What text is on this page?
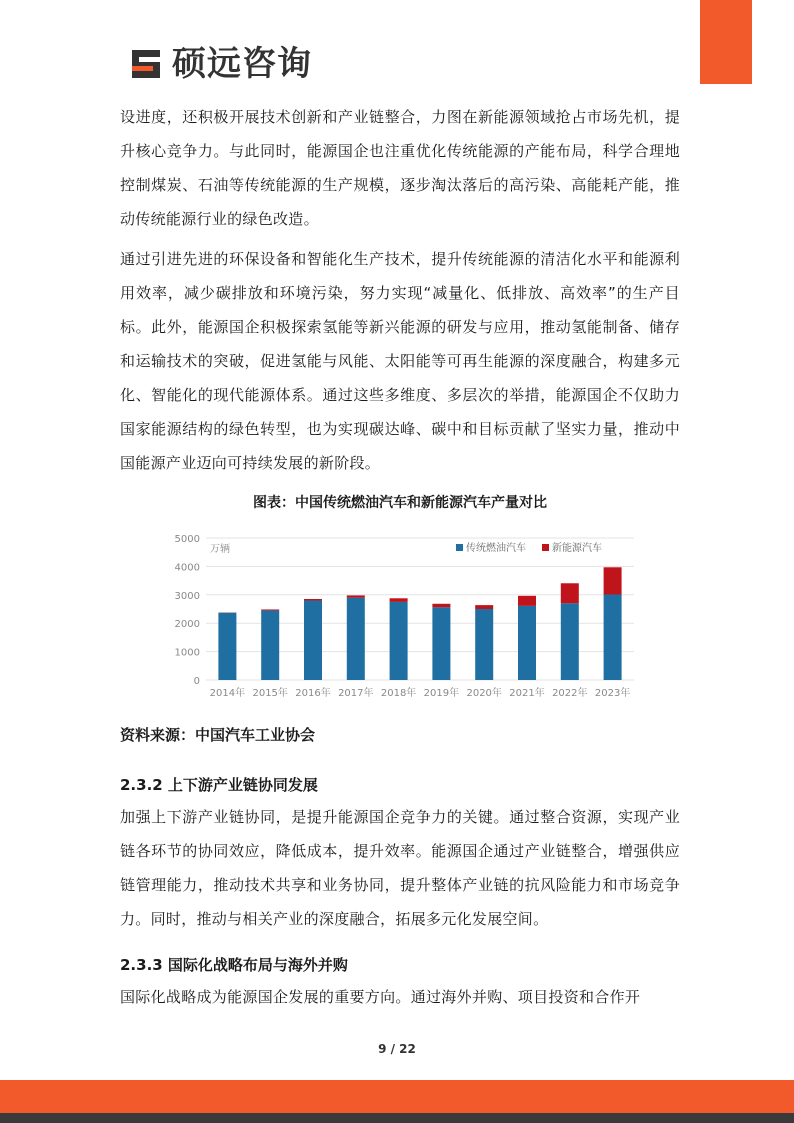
硕远咨询

设进度，还积极开展技术创新和产业链整合，力图在新能源领域抢占市场先机，提升核心竞争力。与此同时，能源国企也注重优化传统能源的产能布局，科学合理地控制煤炭、石油等传统能源的生产规模，逐步淘汰落后的高污染、高能耗产能，推动传统能源行业的绿色改造。

通过引进先进的环保设备和智能化生产技术，提升传统能源的清洁化水平和能源利用效率，减少碳排放和环境污染，努力实现“减量化、低排放、高效率”的生产目标。此外，能源国企积极探索氢能等新兴能源的研发与应用，推动氢能制备、储存和运输技术的突破，促进氢能与风能、太阳能等可再生能源的深度融合，构建多元化、智能化的现代能源体系。通过这些多维度、多层次的举措，能源国企不仅助力国家能源结构的绿色转型，也为实现碳达峰、碳中和目标贡献了坚实力量，推动中国能源产业迈向可持续发展的新阶段。

图表：中国传统燃油汽车和新能源汽车产量对比
0
1000
2000
3000
4000
5000
万辆
2014年 2015年 2016年 2017年 2018年 2019年 2020年 2021年 2022年 2023年
传统燃油汽车	新能源汽车
资料来源：中国汽车工业协会
2.3.2 上下游产业链协同发展

加强上下游产业链协同，是提升能源国企竞争力的关键。通过整合资源，实现产业链各环节的协同效应，降低成本，提升效率。能源国企通过产业链整合，增强供应链管理能力，推动技术共享和业务协同，提升整体产业链的抗风险能力和市场竞争力。同时，推动与相关产业的深度融合，拓展多元化发展空间。

2.3.3 国际化战略布局与海外并购

国际化战略成为能源国企发展的重要方向。通过海外并购、项目投资和合作开

9 / 22
